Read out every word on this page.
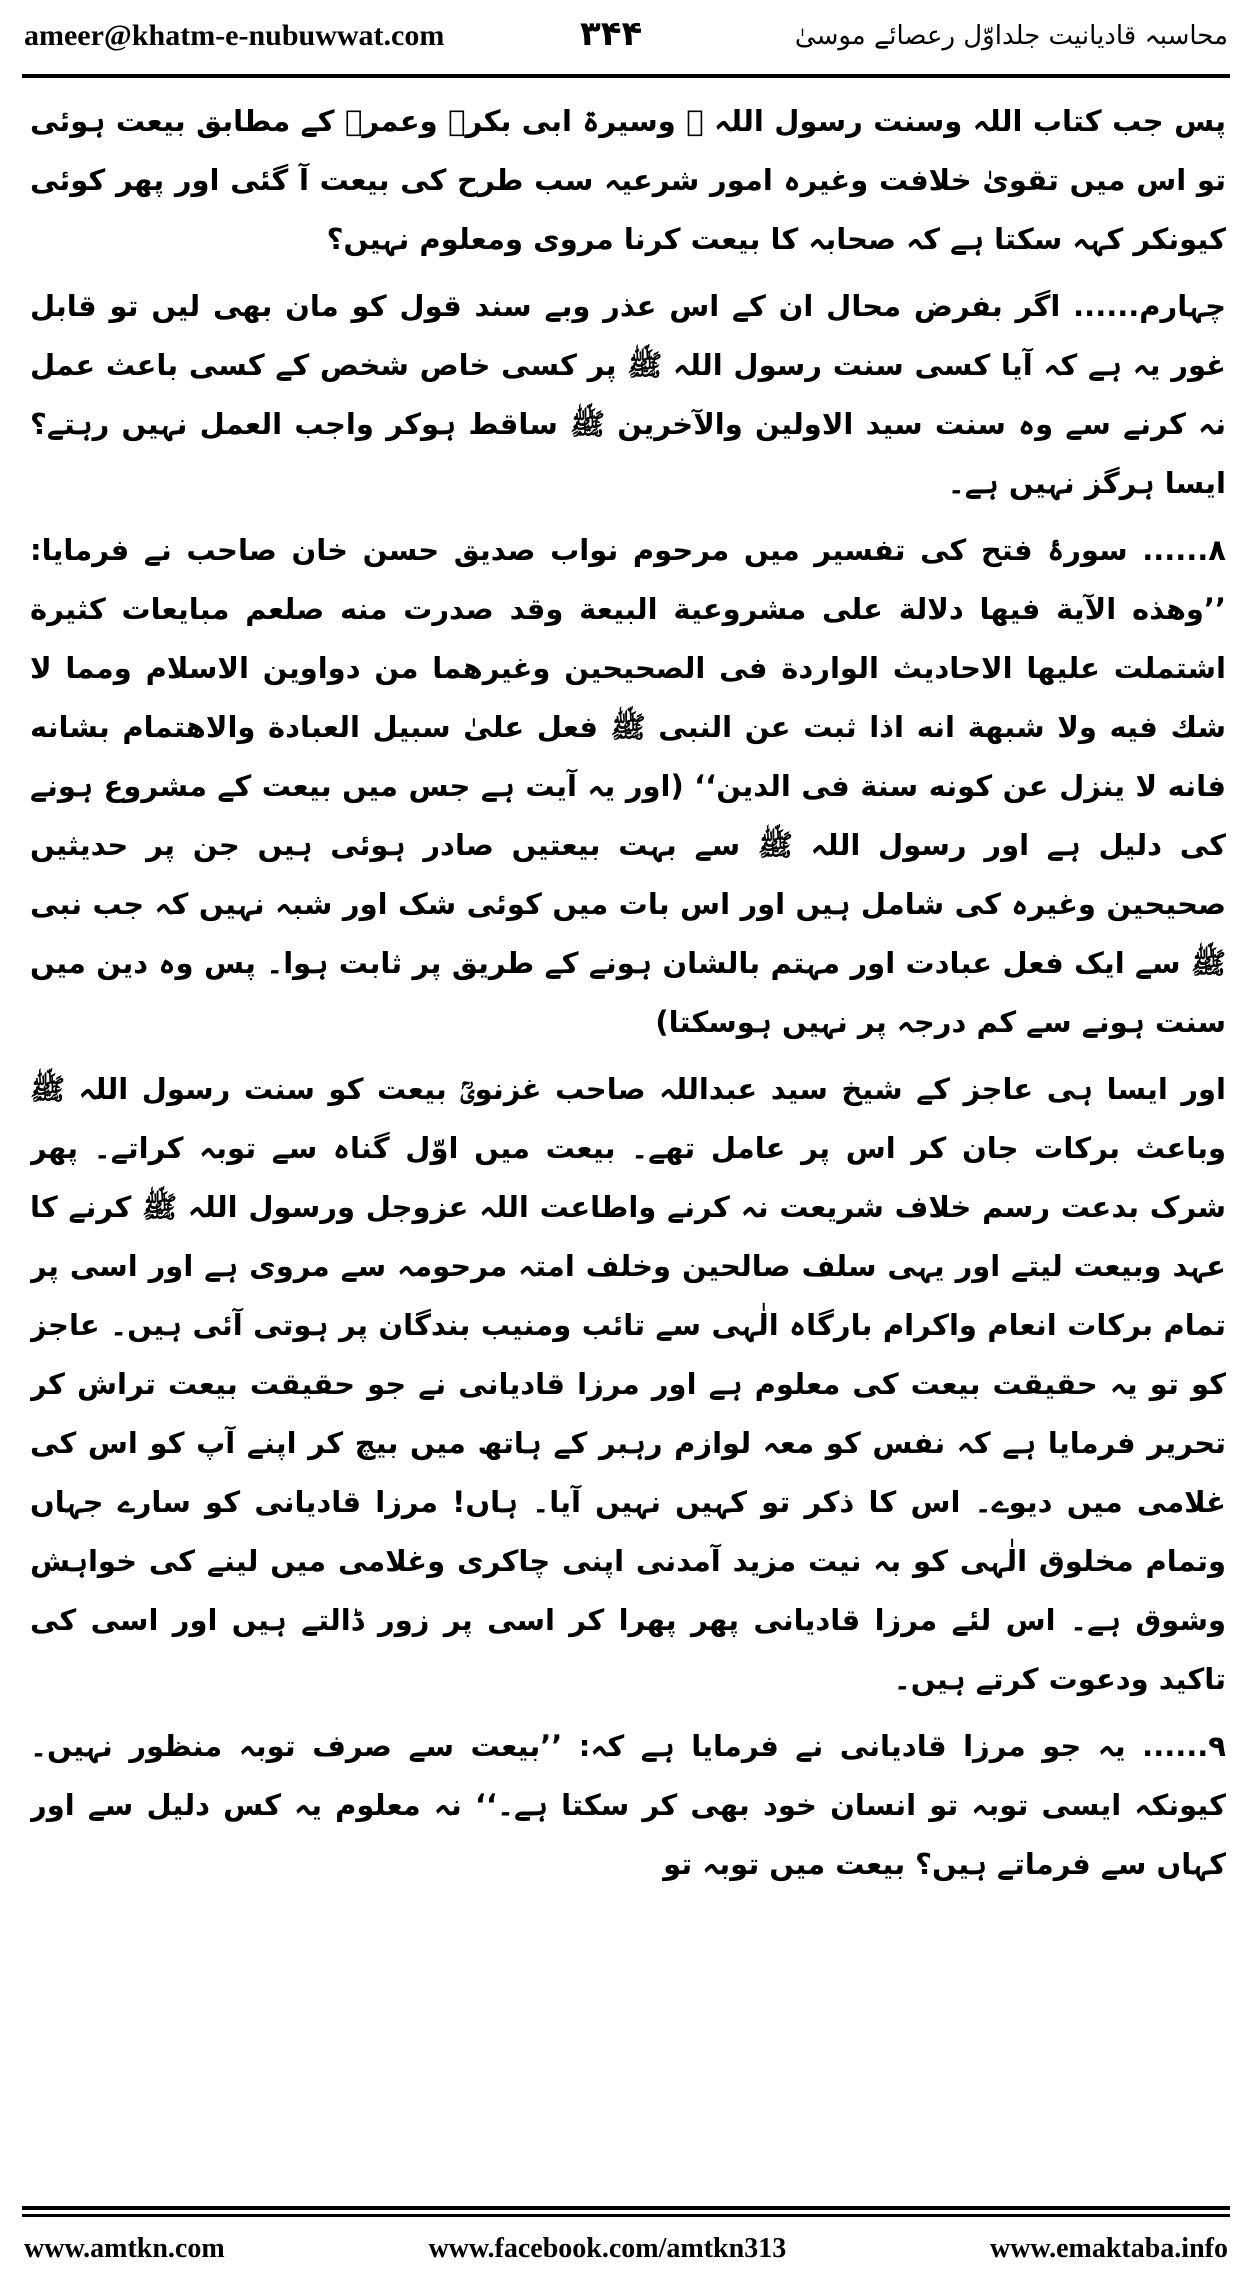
ameer@khatm-e-nubuwwat.com	محاسبہ قادیانیت جلداوّل رعصائے موسیٰ
۳۴۴

پس جب کتاب اللہ وسنت رسول اللہ ﷺ وسیرۃ ابی بکرؓ وعمرؓ کے مطابق بیعت ہوئی تو اس میں تقویٰ خلافت وغیرہ امور شرعیہ سب طرح کی بیعت آ گئی اور پھر کوئی کیونکر کہہ سکتا ہے کہ صحابہ کا بیعت کرنا مروی ومعلوم نہیں؟

چہارم...... اگر بفرض محال ان کے اس عذر وبے سند قول کو مان بھی لیں تو قابل غور یہ ہے کہ آیا کسی سنت رسول اللہ ﷺ پر کسی خاص شخص کے کسی باعث عمل نہ کرنے سے وہ سنت سید الاولین والآخرین ﷺ ساقط ہوکر واجب العمل نہیں رہتے؟ ایسا ہرگز نہیں ہے۔

۸...... سورۂ فتح کی تفسیر میں مرحوم نواب صدیق حسن خان صاحب نے فرمایا: ’’وهذه الآية فيها دلالة على مشروعية البيعة وقد صدرت منه صلعم مبايعات كثيرة اشتملت عليها الاحاديث الواردة فى الصحيحين وغيرهما من دواوين الاسلام ومما لا شك فيه ولا شبهة انه اذا ثبت عن النبى ﷺ فعل علىٰ سبيل العبادة والاهتمام بشانه فانه لا ينزل عن كونه سنة فى الدين‘‘ (اور یہ آیت ہے جس میں بیعت کے مشروع ہونے کی دلیل ہے اور رسول اللہ ﷺ سے بہت بیعتیں صادر ہوئی ہیں جن پر حدیثیں صحیحین وغیرہ کی شامل ہیں اور اس بات میں کوئی شک اور شبہ نہیں کہ جب نبی ﷺ سے ایک فعل عبادت اور مہتم بالشان ہونے کے طریق پر ثابت ہوا۔ پس وہ دین میں سنت ہونے سے کم درجہ پر نہیں ہوسکتا)

اور ایسا ہی عاجز کے شیخ سید عبداللہ صاحب غزنویؒ بیعت کو سنت رسول اللہ ﷺ وباعث برکات جان کر اس پر عامل تھے۔ بیعت میں اوّل گناہ سے توبہ کراتے۔ پھر شرک بدعت رسم خلاف شریعت نہ کرنے واطاعت اللہ عزوجل ورسول اللہ ﷺ کرنے کا عہد وبیعت لیتے اور یہی سلف صالحین وخلف امتہ مرحومہ سے مروی ہے اور اسی پر تمام برکات انعام واکرام بارگاہ الٰہی سے تائب ومنیب بندگان پر ہوتی آئی ہیں۔ عاجز کو تو یہ حقیقت بیعت کی معلوم ہے اور مرزا قادیانی نے جو حقیقت بیعت تراش کر تحریر فرمایا ہے کہ نفس کو معہ لوازم رہبر کے ہاتھ میں بیچ کر اپنے آپ کو اس کی غلامی میں دیوے۔ اس کا ذکر تو کہیں نہیں آیا۔ ہاں! مرزا قادیانی کو سارے جہاں وتمام مخلوق الٰہی کو بہ نیت مزید آمدنی اپنی چاکری وغلامی میں لینے کی خواہش وشوق ہے۔ اس لئے مرزا قادیانی پھر پھرا کر اسی پر زور ڈالتے ہیں اور اسی کی تاکید ودعوت کرتے ہیں۔

۹...... یہ جو مرزا قادیانی نے فرمایا ہے کہ: ’’بیعت سے صرف توبہ منظور نہیں۔ کیونکہ ایسی توبہ تو انسان خود بھی کر سکتا ہے۔‘‘ نہ معلوم یہ کس دلیل سے اور کہاں سے فرماتے ہیں؟ بیعت میں توبہ تو

www.amtkn.com	www.facebook.com/amtkn313	www.emaktaba.info
